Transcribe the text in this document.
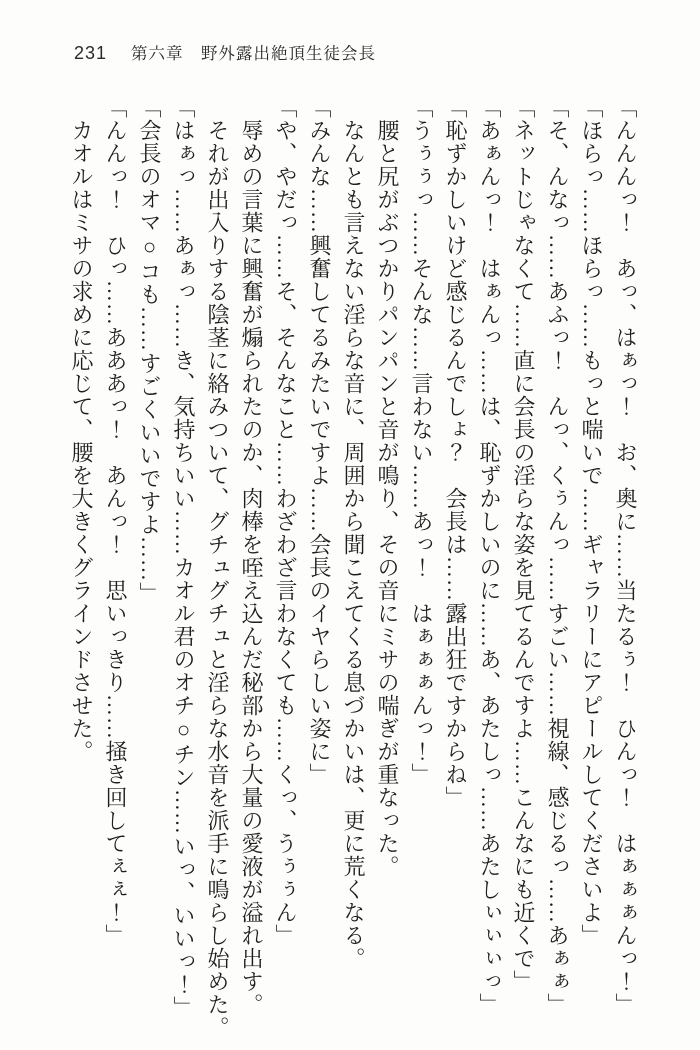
231 第六章　野外露出絶頂生徒会長

「んんんっ！　あっ、はぁっ！　お、奥に……当たるぅ！　ひんっ！　はぁぁぁんっ！」

「ほらっ……ほらっ……もっと喘いで……ギャラリーにアピールしてくださいよ」

「そ、んなっ……あふっ！　んっ、くぅんっ……すごい……視線、感じるっ……あぁぁ」

「ネットじゃなくて……直に会長の淫らな姿を見てるんですよ……こんなにも近くで」

「あぁんっ！　はぁんっ……は、恥ずかしいのに……あ、あたしっ……あたしぃぃぃっ」

「恥ずかしいけど感じるんでしょ？　会長は……露出狂ですからね」

「うぅぅっ……そんな……言わない……あっ！　はぁぁぁんっ！」

　腰と尻がぶつかりパンパンと音が鳴り、その音にミサの喘ぎが重なった。

　なんとも言えない淫らな音に、周囲から聞こえてくる息づかいは、更に荒くなる。

「みんな……興奮してるみたいですよ……会長のイヤらしい姿に」

「や、やだっ……そ、そんなこと……わざわざ言わなくても……くっ、うぅぅん」

　辱めの言葉に興奮が煽られたのか、肉棒を咥え込んだ秘部から大量の愛液が溢れ出す。

　それが出入りする陰茎に絡みついて、グチュグチュと淫らな水音を派手に鳴らし始めた。

「はぁっ……あぁっ……き、気持ちいい……カオル君のオチ○チン……いっ、いいっ！」

「会長のオマ○コも……すごくいいですよ……」

「んんっ！　ひっ……あああっ！　あんっ！　思いっきり……掻き回してぇぇ！」

　カオルはミサの求めに応じて、腰を大きくグラインドさせた。
